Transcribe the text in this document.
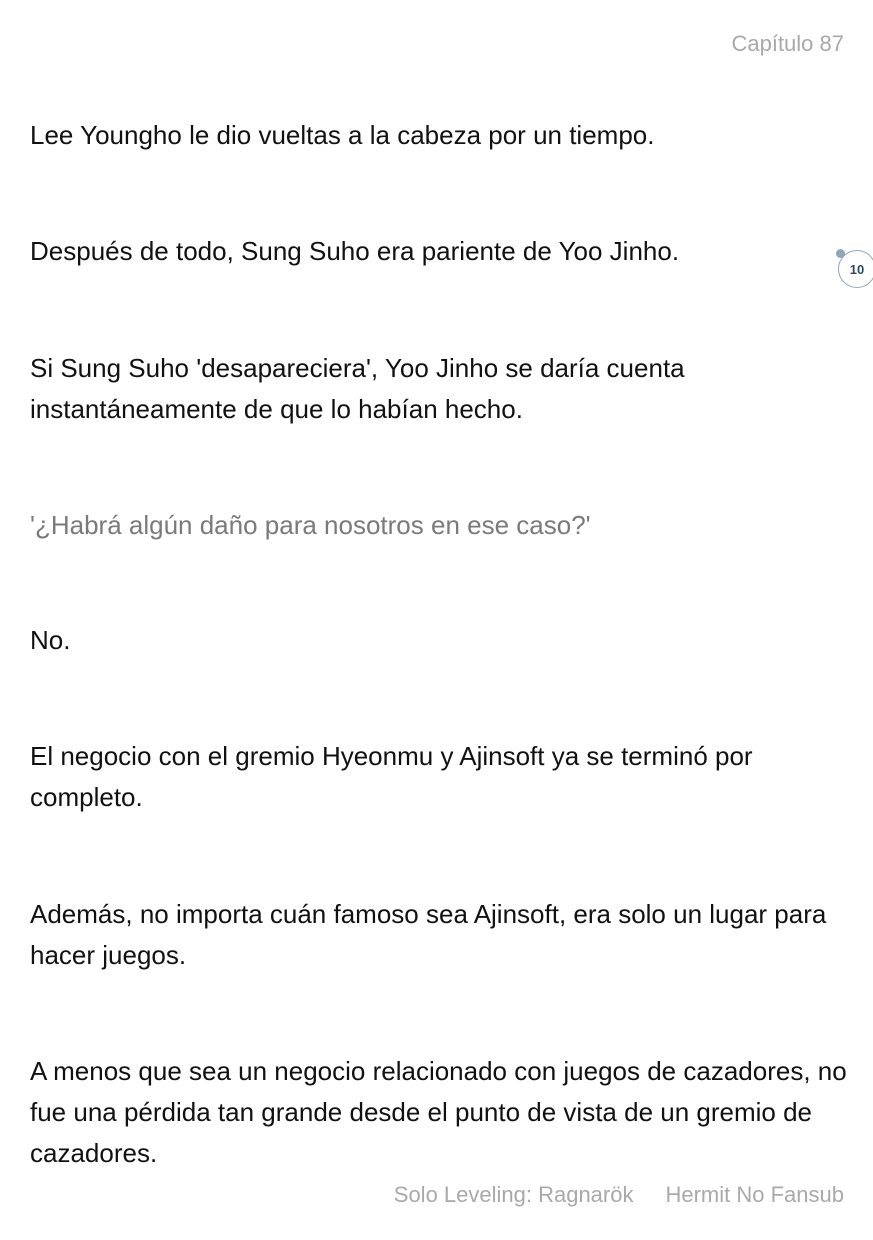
Capítulo 87

Lee Youngho le dio vueltas a la cabeza por un tiempo.

Después de todo, Sung Suho era pariente de Yoo Jinho.

Si Sung Suho 'desapareciera', Yoo Jinho se daría cuenta instantáneamente de que lo habían hecho.

'¿Habrá algún daño para nosotros en ese caso?'

No.

El negocio con el gremio Hyeonmu y Ajinsoft ya se terminó por completo.

Además, no importa cuán famoso sea Ajinsoft, era solo un lugar para hacer juegos.

A menos que sea un negocio relacionado con juegos de cazadores, no fue una pérdida tan grande desde el punto de vista de un gremio de cazadores.

10
Solo Leveling: Ragnarök Hermit No Fansub
